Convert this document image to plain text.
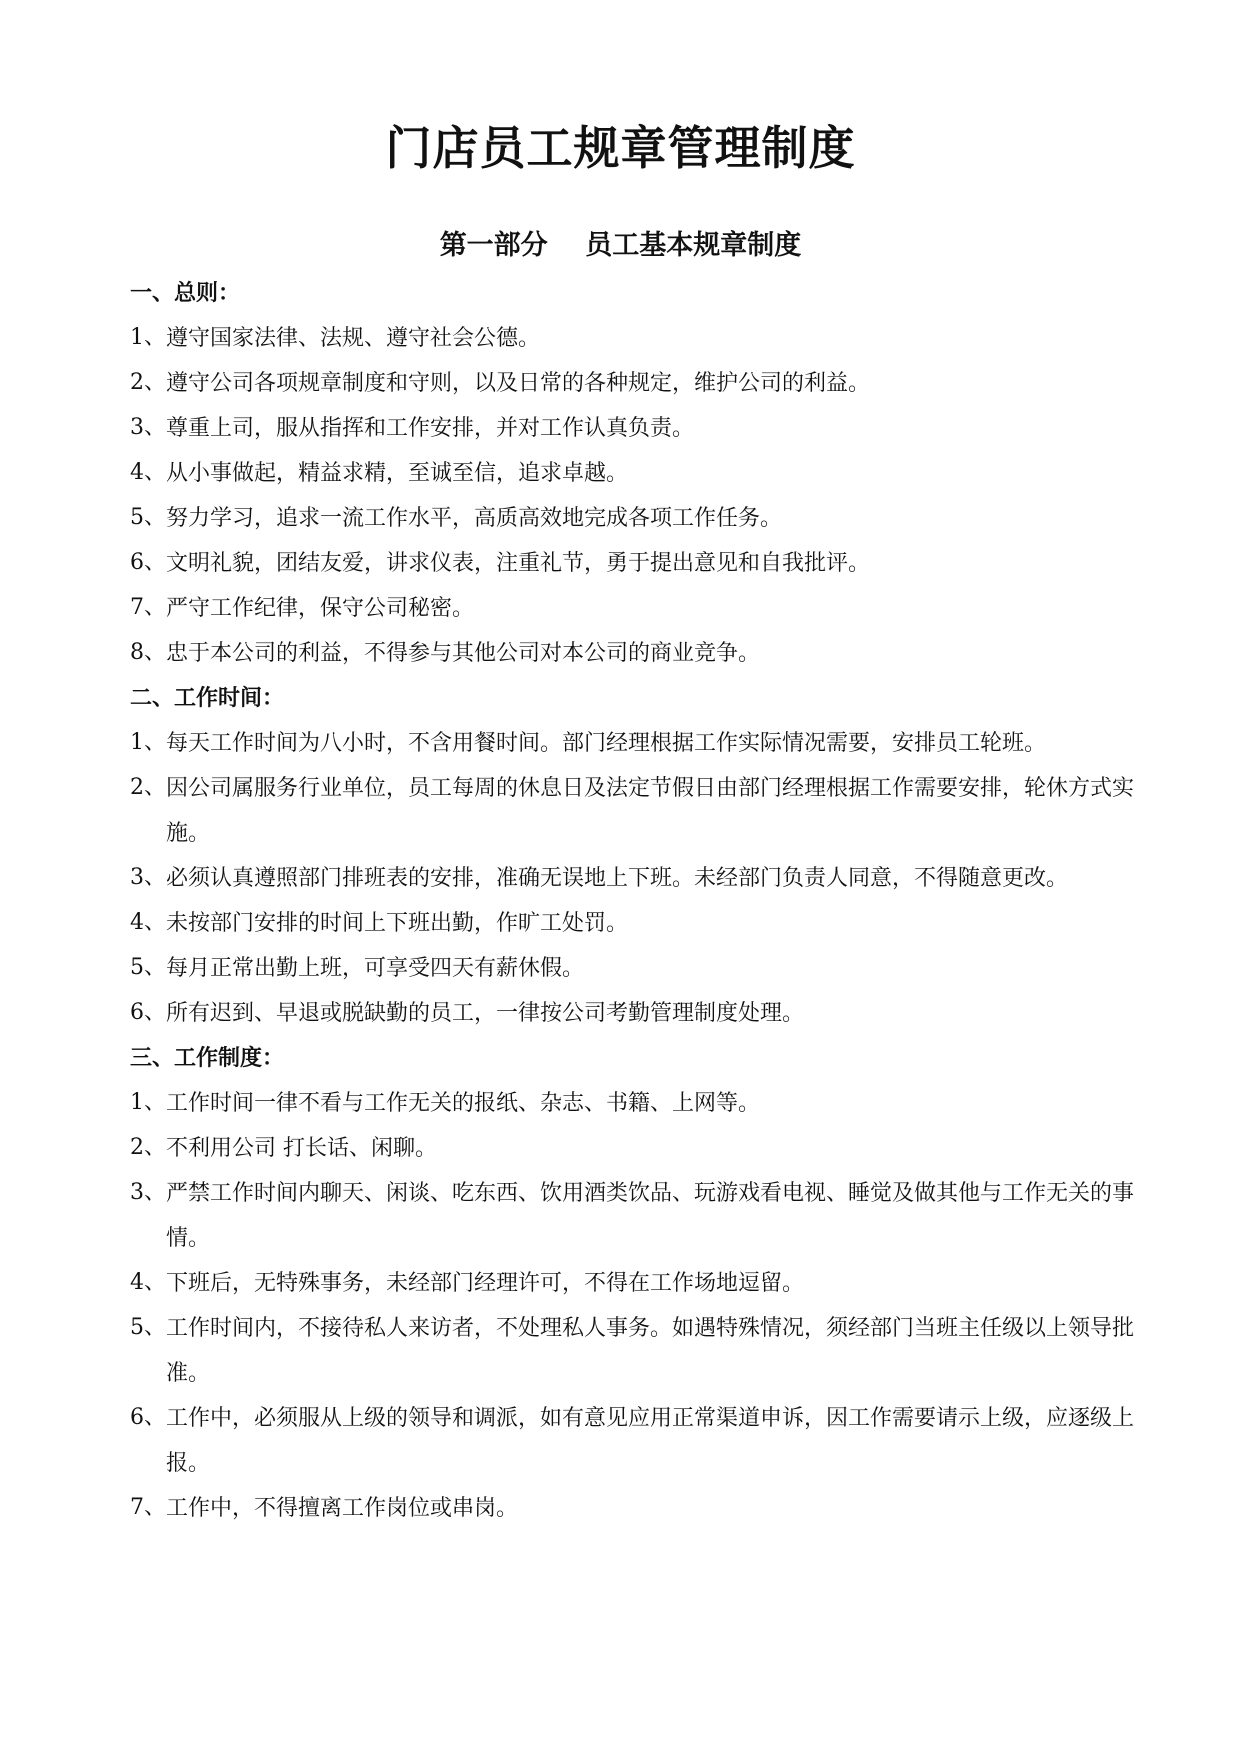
门店员工规章管理制度
第一部分    员工基本规章制度
一、总则：
1、 遵守国家法律、法规、遵守社会公德。
2、 遵守公司各项规章制度和守则，以及日常的各种规定，维护公司的利益。
3、 尊重上司，服从指挥和工作安排，并对工作认真负责。
4、 从小事做起，精益求精，至诚至信，追求卓越。
5、 努力学习，追求一流工作水平，高质高效地完成各项工作任务。
6、 文明礼貌，团结友爱，讲求仪表，注重礼节，勇于提出意见和自我批评。
7、 严守工作纪律，保守公司秘密。
8、 忠于本公司的利益，不得参与其他公司对本公司的商业竞争。
二、工作时间：
1、 每天工作时间为八小时，不含用餐时间。部门经理根据工作实际情况需要，安排员工轮班。
2、 因公司属服务行业单位，员工每周的休息日及法定节假日由部门经理根据工作需要安排，轮休方式实施。
3、 必须认真遵照部门排班表的安排，准确无误地上下班。未经部门负责人同意，不得随意更改。
4、 未按部门安排的时间上下班出勤，作旷工处罚。
5、 每月正常出勤上班，可享受四天有薪休假。
6、 所有迟到、早退或脱缺勤的员工，一律按公司考勤管理制度处理。
三、工作制度：
1、 工作时间一律不看与工作无关的报纸、杂志、书籍、上网等。
2、 不利用公司 打长话、闲聊。
3、 严禁工作时间内聊天、闲谈、吃东西、饮用酒类饮品、玩游戏看电视、睡觉及做其他与工作无关的事情。
4、 下班后，无特殊事务，未经部门经理许可，不得在工作场地逗留。
5、 工作时间内，不接待私人来访者，不处理私人事务。如遇特殊情况，须经部门当班主任级以上领导批准。
6、 工作中，必须服从上级的领导和调派，如有意见应用正常渠道申诉，因工作需要请示上级，应逐级上报。
7、 工作中，不得擅离工作岗位或串岗。
